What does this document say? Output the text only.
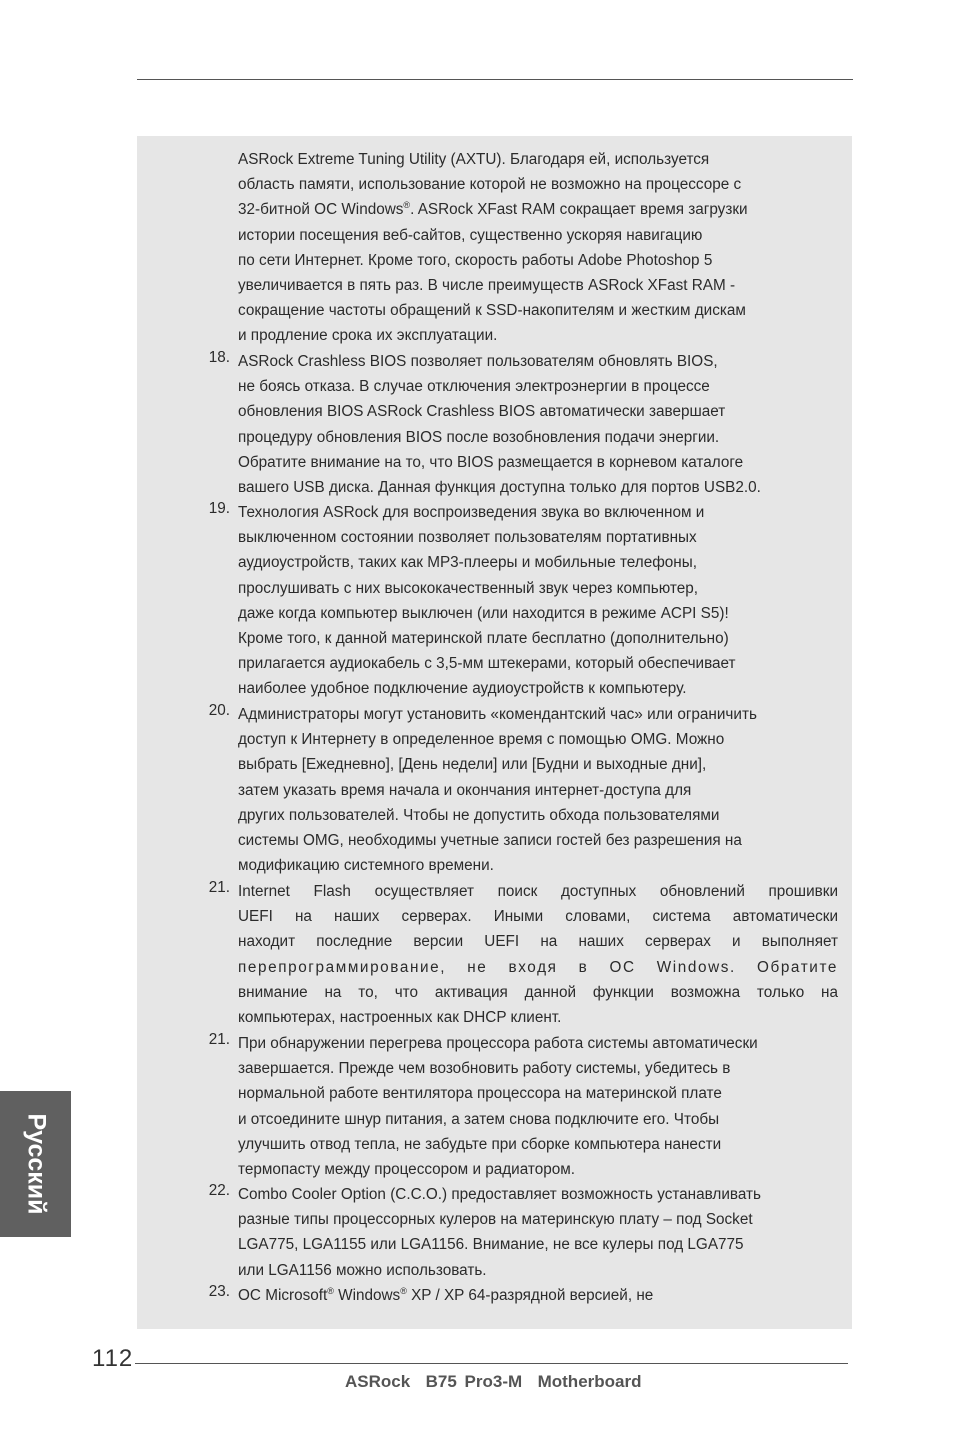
ASRock Extreme Tuning Utility (AXTU). Благодаря ей, используется
область памяти, использование которой не возможно на процессоре с
32-битной ОС Windows®. ASRock XFast RAM сокращает время загрузки
истории посещения веб-сайтов, существенно ускоряя навигацию
по сети Интернет. Кроме того, скорость работы Adobe Photoshop 5
увеличивается в пять раз. В числе преимуществ ASRock XFast RAM -
сокращение частоты обращений к SSD-накопителям и жестким дискам
и продление срока их эксплуатации.
18. ASRock Crashless BIOS позволяет пользователям обновлять BIOS,
не боясь отказа. В случае отключения электроэнергии в процессе
обновления BIOS ASRock Crashless BIOS автоматически завершает
процедуру обновления BIOS после возобновления подачи энергии.
Обратите внимание на то, что BIOS размещается в корневом каталоге
вашего USB диска. Данная функция доступна только для портов USB2.0.
19. Технология ASRock для воспроизведения звука во включенном и
выключенном состоянии позволяет пользователям портативных
аудиоустройств, таких как MP3-плееры и мобильные телефоны,
прослушивать с них высококачественный звук через компьютер,
даже когда компьютер выключен (или находится в режиме ACPI S5)!
Кроме того, к данной материнской плате бесплатно (дополнительно)
прилагается аудиокабель с 3,5-мм штекерами, который обеспечивает
наиболее удобное подключение аудиоустройств к компьютеру.
20. Администраторы могут установить «комендантский час» или ограничить
доступ к Интернету в определенное время с помощью OMG. Можно
выбрать [Ежедневно], [День недели] или [Будни и выходные дни],
затем указать время начала и окончания интернет-доступа для
других пользователей. Чтобы не допустить обхода пользователями
системы OMG, необходимы учетные записи гостей без разрешения на
модификацию системного времени.
21. Internet Flash осуществляет поиск доступных обновлений прошивки
UEFI на наших серверах. Иными словами, система автоматически
находит последние версии UEFI на наших серверах и выполняет
перепрограммирование, не входя в ОС Windows. Обратите
внимание на то, что активация данной функции возможна только на
компьютерах, настроенных как DHCP клиент.
21. При обнаружении перегрева процессора работа системы автоматически
завершается. Прежде чем возобновить работу системы, убедитесь в
нормальной работе вентилятора процессора на материнской плате
и отсоедините шнур питания, а затем снова подключите его. Чтобы
улучшить отвод тепла, не забудьте при сборке компьютера нанести
термопасту между процессором и радиатором.
22. Combo Cooler Option (C.C.O.) предоставляет возможность устанавливать
разные типы процессорных кулеров на материнскую плату – под Socket
LGA775, LGA1155 или LGA1156. Внимание, не все кулеры под LGA775
или LGA1156 можно использовать.
23. ОС Microsoft® Windows® XP / XP 64-разрядной версией, не
Русский
112
ASRock  B75 Pro3-M  Motherboard
